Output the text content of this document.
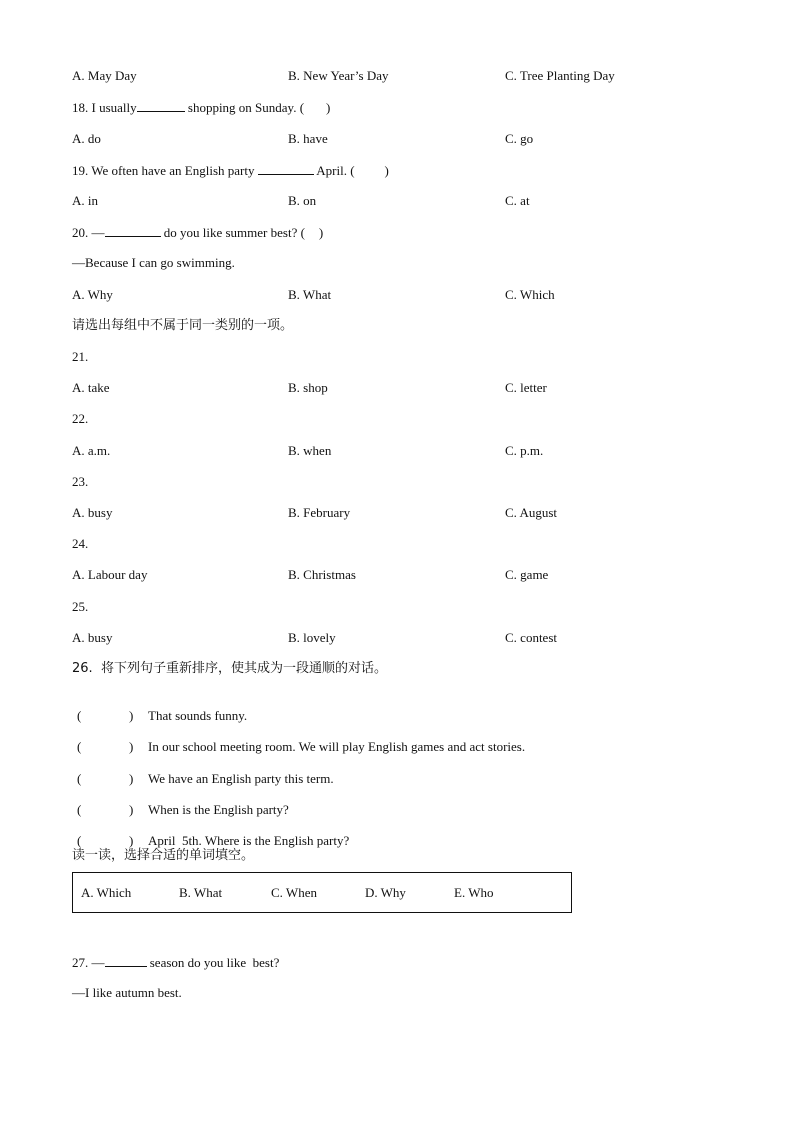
A. May Day	B. New Year’s Day	C. Tree Planting Day
18. I usually	shopping on Sunday. ( )
A. do	B. have	C. go
19. We often have an English party	April. ( )
A. in	B. on	C. at
20. —	do you like summer best? ( )
—Because I can go swimming.
A. Why	B. What	C. Which
请选出每组中不属于同一类别的一项。
21.
A. take	B. shop	C. letter
22.
A. a.m.	B. when	C. p.m.
23.
A. busy	B. February	C. August
24.
A. Labour day	B. Christmas	C. game
25.
A. busy	B. lovely	C. contest
26.  将下列句子重新排序，使其成为一段通顺的对话。

(	) That sounds funny.

(	) In our school meeting room. We will play English games and act stories.

(	) We have an English party this term.

(	) When is the English party?

(	) April  5th. Where is the English party?

读一读，选择合适的单词填空。
A. Which	B. What	C. When	D. Why	E. Who
27. —	season do you like  best?
—I like autumn best.
